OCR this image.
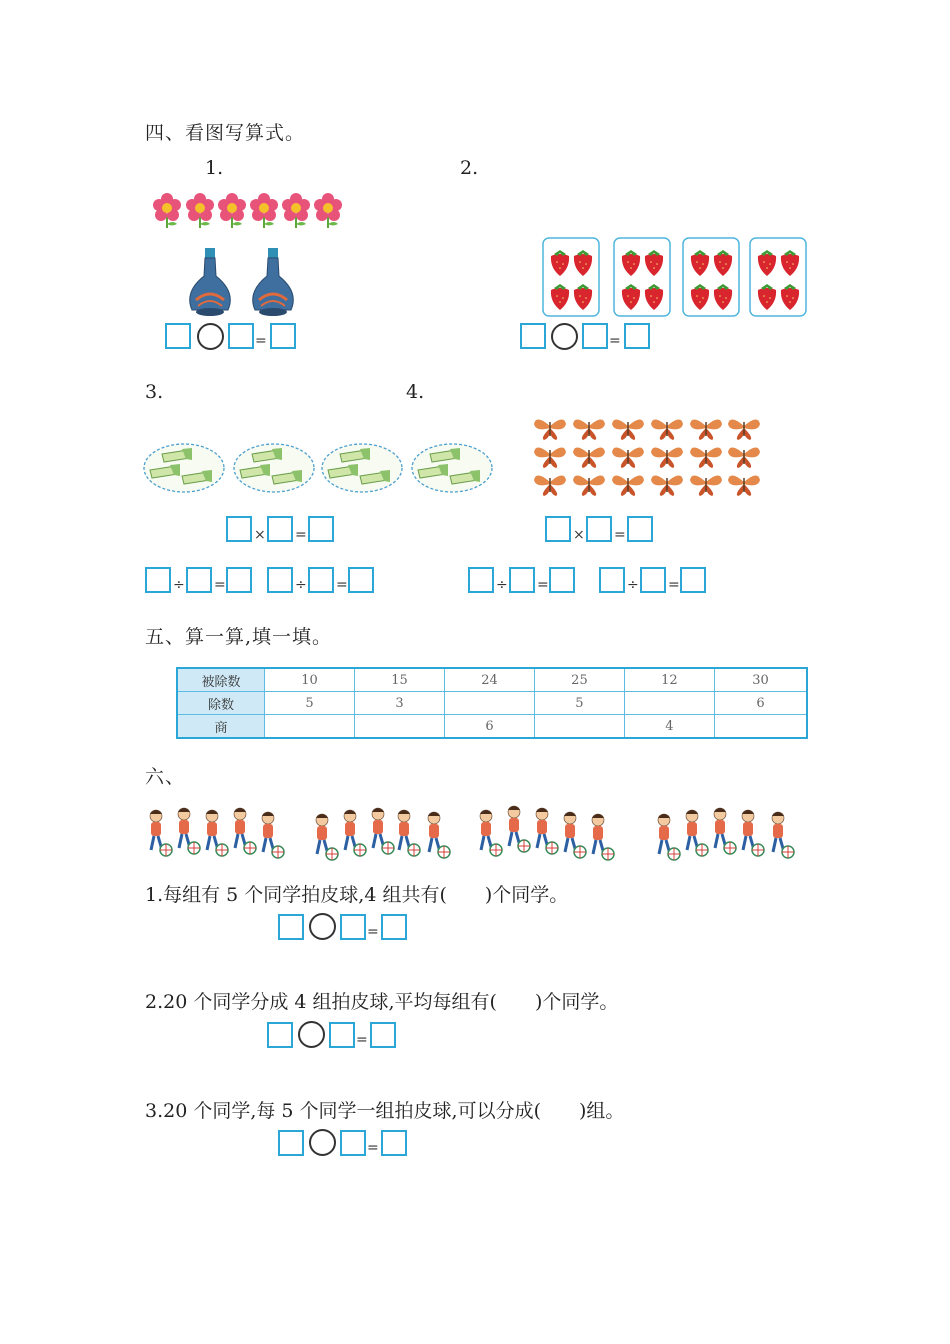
四、看图写算式。
1.	2.
=	=
3.	4.
× =	× =
÷ =	÷ =	÷ =	÷ =
五、算一算,填一填。
被除数	10	15	24	25	12	30
除数	5	3		5		6
商			6		4	
六、
1.每组有 5 个同学拍皮球,4 组共有(　　)个同学。
=
2.20 个同学分成 4 组拍皮球,平均每组有(　　)个同学。
=
3.20 个同学,每 5 个同学一组拍皮球,可以分成(　　)组。
=
